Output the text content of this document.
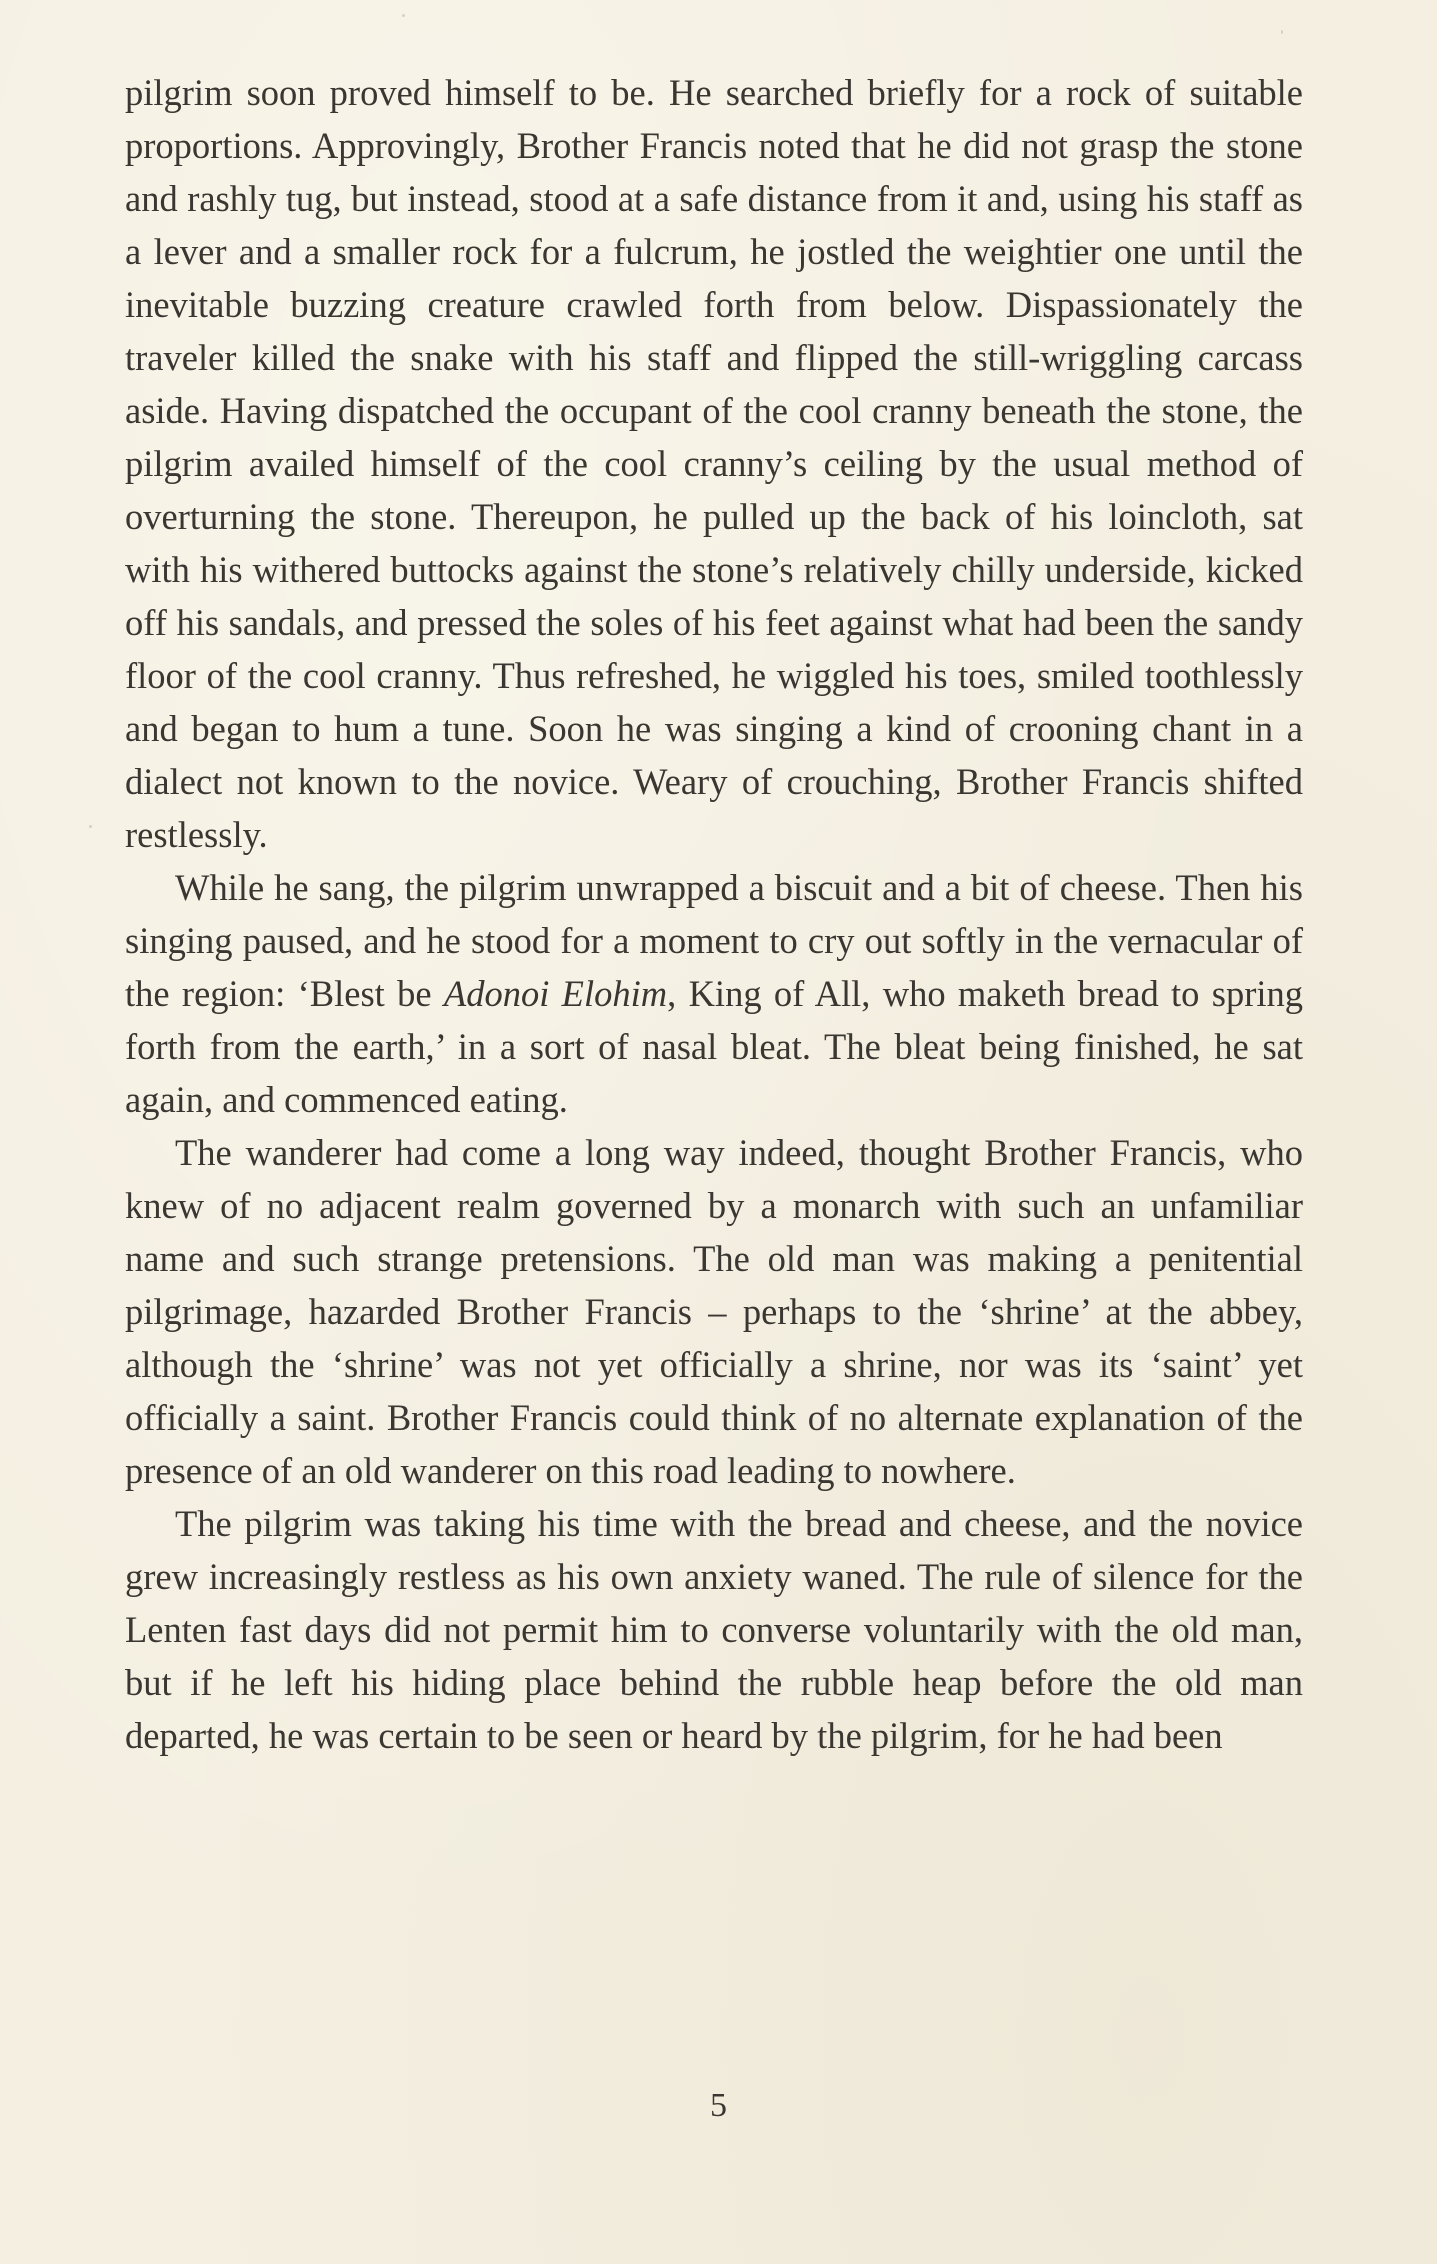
pilgrim soon proved himself to be. He searched briefly for a rock of suitable proportions. Approvingly, Brother Francis noted that he did not grasp the stone and rashly tug, but instead, stood at a safe distance from it and, using his staff as a lever and a smaller rock for a fulcrum, he jostled the weightier one until the inevitable buzzing creature crawled forth from below. Dispassionately the traveler killed the snake with his staff and flipped the still-wriggling carcass aside. Having dispatched the occupant of the cool cranny beneath the stone, the pilgrim availed himself of the cool cranny’s ceiling by the usual method of overturning the stone. Thereupon, he pulled up the back of his loincloth, sat with his withered buttocks against the stone’s relatively chilly underside, kicked off his sandals, and pressed the soles of his feet against what had been the sandy floor of the cool cranny. Thus refreshed, he wiggled his toes, smiled toothlessly and began to hum a tune. Soon he was singing a kind of crooning chant in a dialect not known to the novice. Weary of crouching, Brother Francis shifted restlessly.

While he sang, the pilgrim unwrapped a biscuit and a bit of cheese. Then his singing paused, and he stood for a moment to cry out softly in the vernacular of the region: ‘Blest be Adonoi Elohim, King of All, who maketh bread to spring forth from the earth,’ in a sort of nasal bleat. The bleat being finished, he sat again, and commenced eating.

The wanderer had come a long way indeed, thought Brother Francis, who knew of no adjacent realm governed by a monarch with such an unfamiliar name and such strange pretensions. The old man was making a penitential pilgrimage, hazarded Brother Francis – perhaps to the ‘shrine’ at the abbey, although the ‘shrine’ was not yet officially a shrine, nor was its ‘saint’ yet officially a saint. Brother Francis could think of no alternate explanation of the presence of an old wanderer on this road leading to nowhere.

The pilgrim was taking his time with the bread and cheese, and the novice grew increasingly restless as his own anxiety waned. The rule of silence for the Lenten fast days did not permit him to converse voluntarily with the old man, but if he left his hiding place behind the rubble heap before the old man departed, he was certain to be seen or heard by the pilgrim, for he had been

5
